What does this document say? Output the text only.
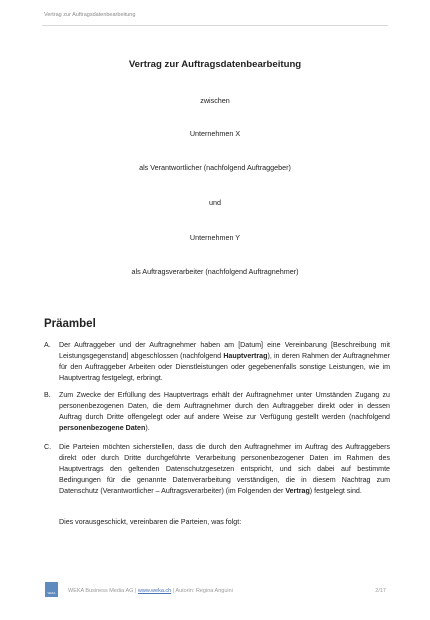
Vertrag zur Auftragsdatenbearbeitung
Vertrag zur Auftragsdatenbearbeitung
zwischen
Unternehmen X
als Verantwortlicher (nachfolgend Auftraggeber)
und
Unternehmen Y
als Auftragsverarbeiter (nachfolgend Auftragnehmer)
Präambel
A. Der Auftraggeber und der Auftragnehmer haben am [Datum] eine Vereinbarung [Beschreibung mit Leistungsgegenstand] abgeschlossen (nachfolgend Hauptvertrag), in deren Rahmen der Auftragnehmer für den Auftraggeber Arbeiten oder Dienstleistungen oder gegebenenfalls sonstige Leistungen, wie im Hauptvertrag festgelegt, erbringt.
B. Zum Zwecke der Erfüllung des Hauptvertrags erhält der Auftragnehmer unter Umständen Zugang zu personenbezogenen Daten, die dem Auftragnehmer durch den Auftraggeber direkt oder in dessen Auftrag durch Dritte offengelegt oder auf andere Weise zur Verfügung gestellt werden (nachfolgend personenbezogene Daten).
C. Die Parteien möchten sicherstellen, dass die durch den Auftragnehmer im Auftrag des Auftraggebers direkt oder durch Dritte durchgeführte Verarbeitung personenbezogener Daten im Rahmen des Hauptvertrags den geltenden Datenschutzgesetzen entspricht, und sich dabei auf bestimmte Bedingungen für die genannte Datenverarbeitung verständigen, die in diesem Nachtrag zum Datenschutz (Verantwortlicher – Auftragsverarbeiter) (im Folgenden der Vertrag) festgelegt sind.
Dies vorausgeschickt, vereinbaren die Parteien, was folgt:
WEKA	WEKA Business Media AG | www.weka.ch | Autorin: Regina Anguini	2/17
